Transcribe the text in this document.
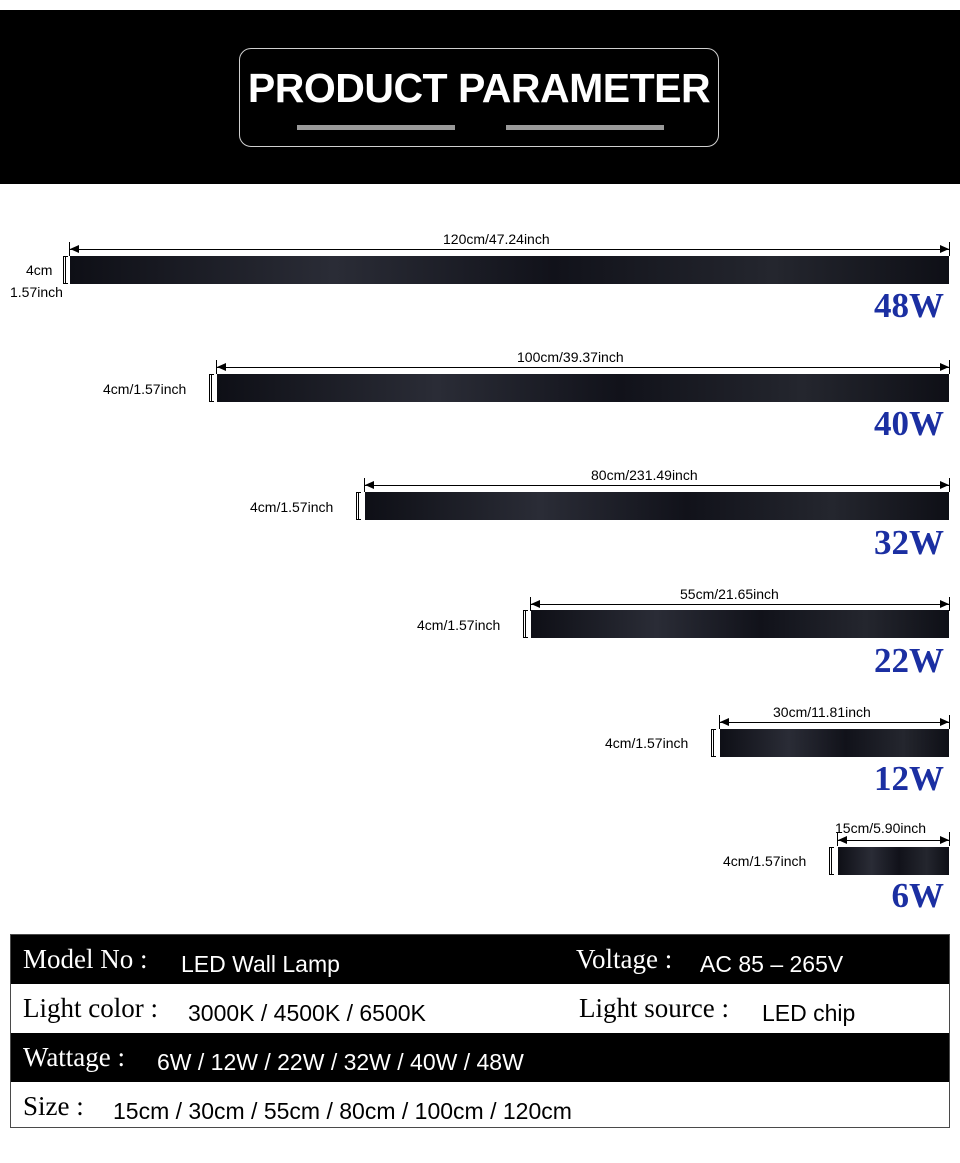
PRODUCT PARAMETER
120cm/47.24inch
4cm
1.57inch	48W
100cm/39.37inch
4cm/1.57inch
40W
80cm/231.49inch
4cm/1.57inch
32W
55cm/21.65inch
4cm/1.57inch
22W
30cm/11.81inch
4cm/1.57inch
12W
15cm/5.90inch
4cm/1.57inch
6W
Model No : LED Wall Lamp	Voltage : AC 85 – 265V
Light color : 3000K / 4500K / 6500K	Light source : LED chip
Wattage : 6W / 12W / 22W / 32W / 40W / 48W
Size : 15cm / 30cm / 55cm / 80cm / 100cm / 120cm
